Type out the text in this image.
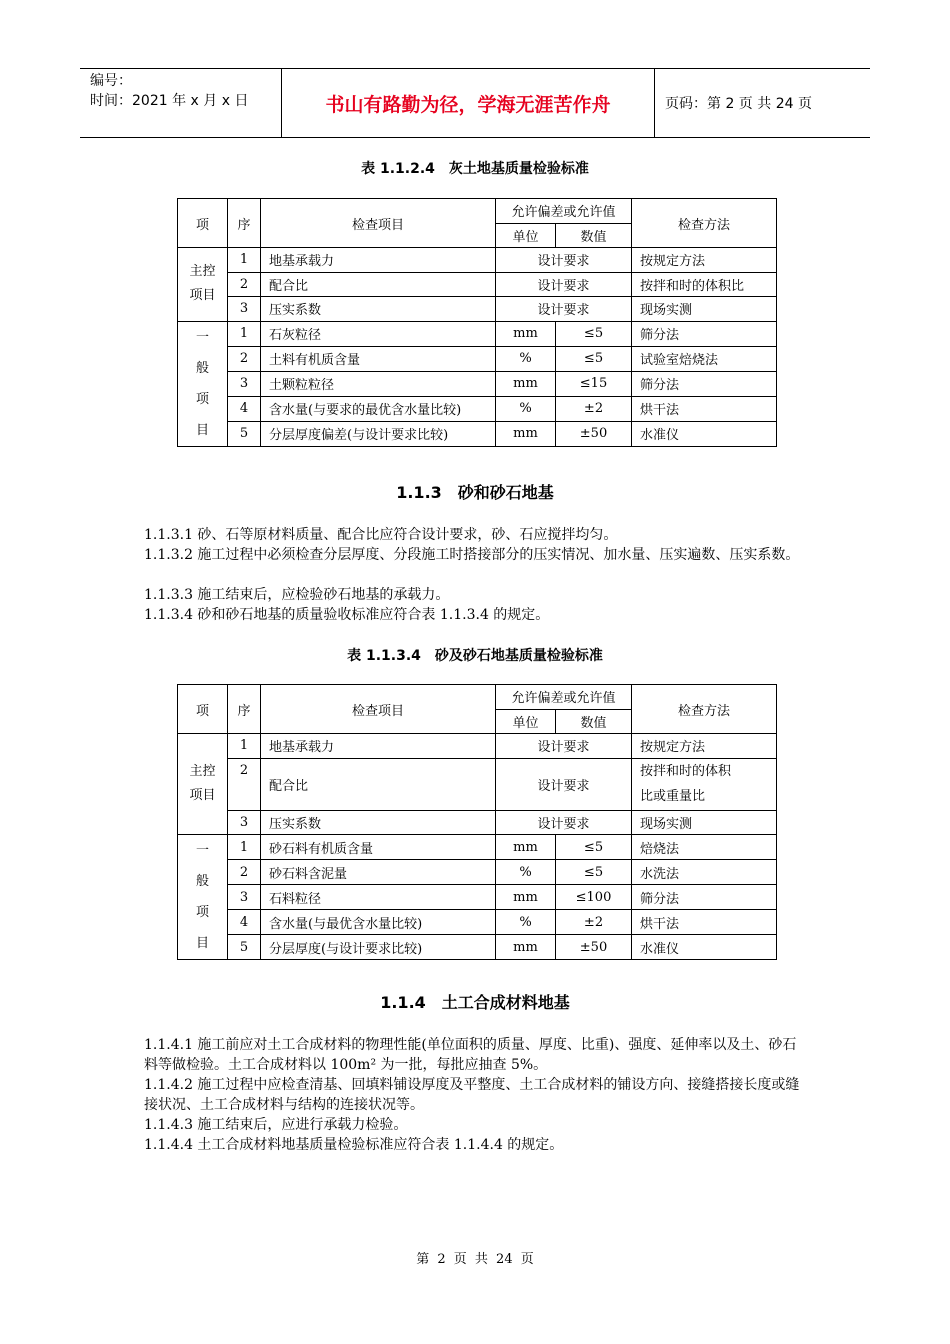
编号：
时间：2021 年 x 月 x 日	书山有路勤为径，学海无涯苦作舟	页码：第 2 页 共 24 页
表 1.1.2.4　灰土地基质量检验标准
项	序	检查项目	允许偏差或允许值		检查方法
			单位	数值	
主控项目	1	地基承载力	设计要求		按规定方法
	2	配合比	设计要求		按拌和时的体积比
	3	压实系数	设计要求		现场实测
一般项目	1	石灰粒径	mm	≤5	筛分法
	2	土料有机质含量	%	≤5	试验室焙烧法
	3	土颗粒粒径	mm	≤15	筛分法
	4	含水量(与要求的最优含水量比较)	%	±2	烘干法
	5	分层厚度偏差(与设计要求比较)	mm	±50	水准仪
1.1.3　砂和砂石地基

1.1.3.1 砂、石等原材料质量、配合比应符合设计要求，砂、石应搅拌均匀。

1.1.3.2 施工过程中必须检查分层厚度、分段施工时搭接部分的压实情况、加水量、压实遍数、压实系数。

1.1.3.3 施工结束后，应检验砂石地基的承载力。

1.1.3.4 砂和砂石地基的质量验收标准应符合表 1.1.3.4 的规定。

表 1.1.3.4　砂及砂石地基质量检验标准
项	序	检查项目	允许偏差或允许值		检查方法
			单位	数值	
主控项目	1	地基承载力	设计要求		按规定方法
	2	配合比	设计要求		按拌和时的体积
比或重量比

	3	压实系数	设计要求		现场实测
一般项目	1	砂石料有机质含量	mm	≤5	焙烧法
	2	砂石料含泥量	%	≤5	水洗法
	3	石料粒径	mm	≤100	筛分法
	4	含水量(与最优含水量比较)	%	±2	烘干法
	5	分层厚度(与设计要求比较)	mm	±50	水准仪
1.1.4　土工合成材料地基

1.1.4.1 施工前应对土工合成材料的物理性能(单位面积的质量、厚度、比重)、强度、延伸率以及土、砂石料等做检验。土工合成材料以 100m² 为一批，每批应抽查 5%。

1.1.4.2 施工过程中应检查清基、回填料铺设厚度及平整度、土工合成材料的铺设方向、接缝搭接长度或缝接状况、土工合成材料与结构的连接状况等。

1.1.4.3 施工结束后，应进行承载力检验。

1.1.4.4 土工合成材料地基质量检验标准应符合表 1.1.4.4 的规定。

第 2 页 共 24 页
